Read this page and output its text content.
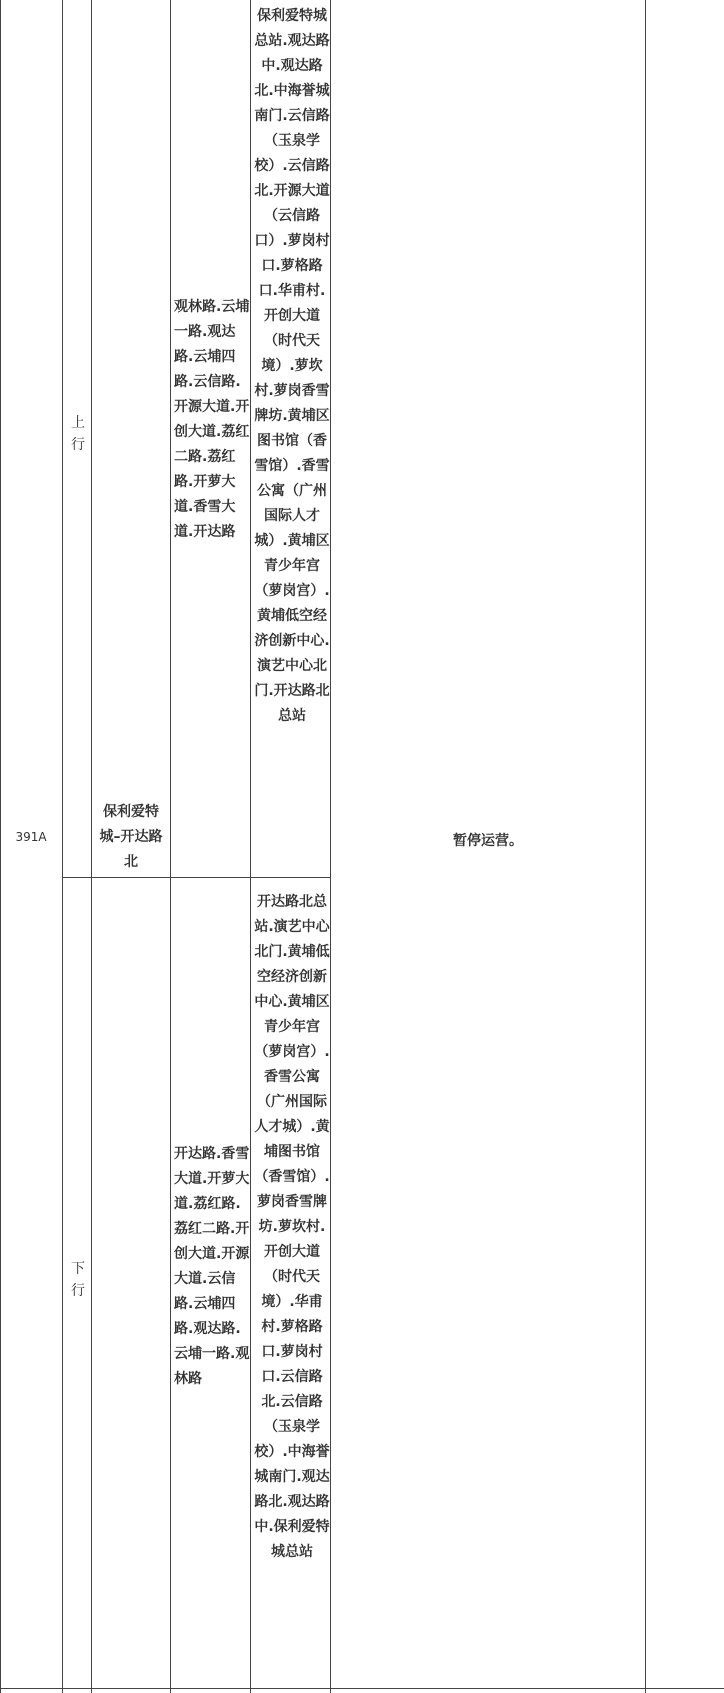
391A
上行
下行
保利爱特城–开达路北
观林路.云埔一路.观达路.云埔四路.云信路.开源大道.开创大道.荔红二路.荔红路.开萝大道.香雪大道.开达路
开达路.香雪大道.开萝大道.荔红路.荔红二路.开创大道.开源大道.云信路.云埔四路.观达路.云埔一路.观林路
保利爱特城总站.观达路中.观达路北.中海誉城南门.云信路（玉泉学校）.云信路北.开源大道（云信路口）.萝岗村口.萝格路口.华甫村.开创大道（时代天境）.萝坎村.萝岗香雪牌坊.黄埔区图书馆（香雪馆）.香雪公寓（广州国际人才城）.黄埔区青少年宫（萝岗宫）.黄埔低空经济创新中心.演艺中心北门.开达路北总站
开达路北总站.演艺中心北门.黄埔低空经济创新中心.黄埔区青少年宫（萝岗宫）.香雪公寓（广州国际人才城）.黄埔图书馆（香雪馆）.萝岗香雪牌坊.萝坎村.开创大道（时代天境）.华甫村.萝格路口.萝岗村口.云信路北.云信路（玉泉学校）.中海誉城南门.观达路北.观达路中.保利爱特城总站
暂停运营。
